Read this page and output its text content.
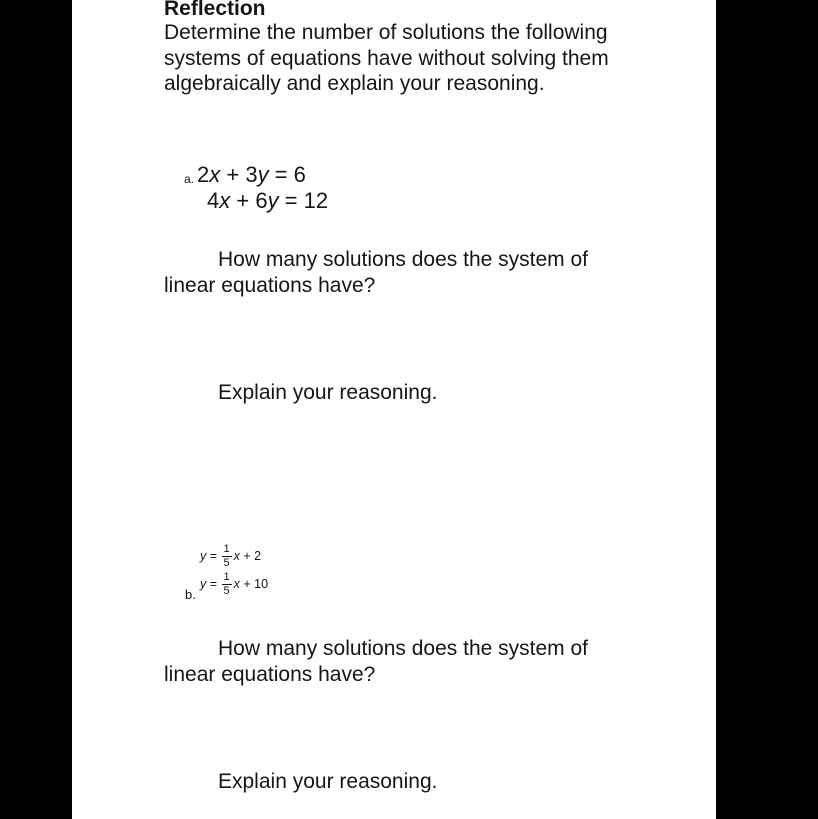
Reflection
Determine the number of solutions the following
systems of equations have without solving them
algebraically and explain your reasoning.
a. 2x + 3y = 6
4x + 6y = 12
How many solutions does the system of
linear equations have?
Explain your reasoning.
$y = \frac{1}{5}$ x + 2
$y = \frac{1}{5}$ x + 10
b.
How many solutions does the system of
linear equations have?
Explain your reasoning.
